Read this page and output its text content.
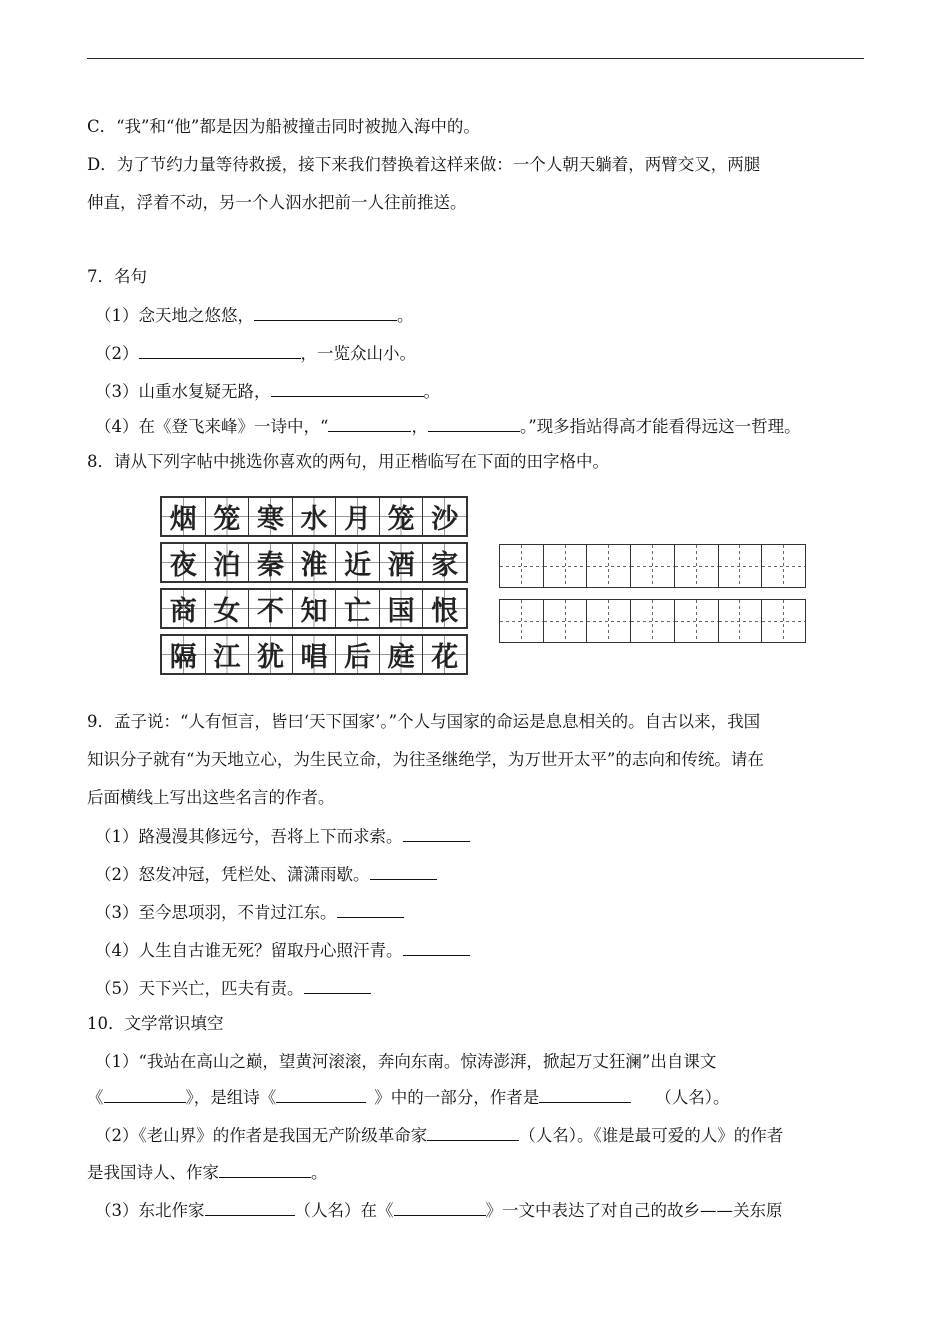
C．“我”和“他”都是因为船被撞击同时被抛入海中的。
D．为了节约力量等待救援，接下来我们替换着这样来做：一个人朝天躺着，两臂交叉，两腿
伸直，浮着不动，另一个人泅水把前一人往前推送。
7．名句
（1）念天地之悠悠，	。
（2）	，一览众山小。
（3）山重水复疑无路，	。
（4）在《登飞来峰》一诗中，“	，	。”现多指站得高才能看得远这一哲理。
8．请从下列字帖中挑选你喜欢的两句，用正楷临写在下面的田字格中。
烟 笼 寒 水 月 笼 沙
夜 泊 秦 淮 近 酒 家
商 女 不 知 亡 国 恨
隔 江 犹 唱 后 庭 花
9．孟子说：“人有恒言，皆曰‘天下国家’。”个人与国家的命运是息息相关的。自古以来，我国
知识分子就有“为天地立心，为生民立命，为往圣继绝学，为万世开太平”的志向和传统。请在
后面横线上写出这些名言的作者。
（1）路漫漫其修远兮，吾将上下而求索。
（2）怒发冲冠，凭栏处、潇潇雨歇。
（3）至今思项羽，不肯过江东。
（4）人生自古谁无死？留取丹心照汗青。
（5）天下兴亡，匹夫有责。
10．文学常识填空
（1）“我站在高山之巅，望黄河滚滚，奔向东南。惊涛澎湃，掀起万丈狂澜”出自课文
《	》，是组诗《	》中的一部分，作者是	（人名）。
（2）《老山界》的作者是我国无产阶级革命家	（人名）。《谁是最可爱的人》的作者
是我国诗人、作家	。
（3）东北作家	（人名）在《	》一文中表达了对自己的故乡——关东原
